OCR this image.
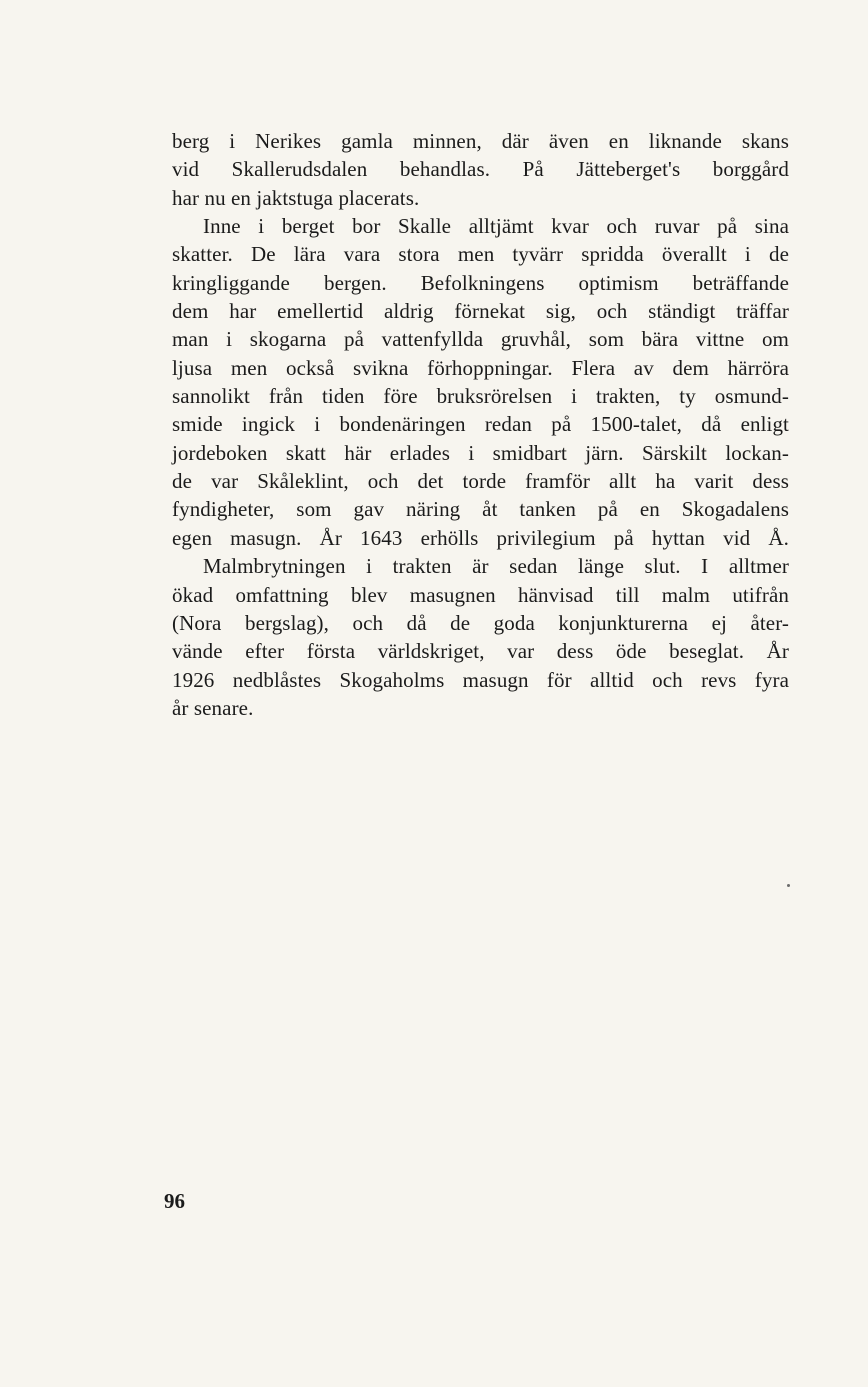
berg i Nerikes gamla minnen, där även en liknande skans
vid Skallerudsdalen behandlas. På Jätteberget's borggård
har nu en jaktstuga placerats.
Inne i berget bor Skalle alltjämt kvar och ruvar på sina
skatter. De lära vara stora men tyvärr spridda överallt i de
kringliggande bergen. Befolkningens optimism beträffande
dem har emellertid aldrig förnekat sig, och ständigt träffar
man i skogarna på vattenfyllda gruvhål, som bära vittne om
ljusa men också svikna förhoppningar. Flera av dem härröra
sannolikt från tiden före bruksrörelsen i trakten, ty osmund-
smide ingick i bondenäringen redan på 1500-talet, då enligt
jordeboken skatt här erlades i smidbart järn. Särskilt lockan-
de var Skåleklint, och det torde framför allt ha varit dess
fyndigheter, som gav näring åt tanken på en Skogadalens
egen masugn. År 1643 erhölls privilegium på hyttan vid Å.
Malmbrytningen i trakten är sedan länge slut. I alltmer
ökad omfattning blev masugnen hänvisad till malm utifrån
(Nora bergslag), och då de goda konjunkturerna ej åter-
vände efter första världskriget, var dess öde beseglat. År
1926 nedblåstes Skogaholms masugn för alltid och revs fyra
år senare.
96
